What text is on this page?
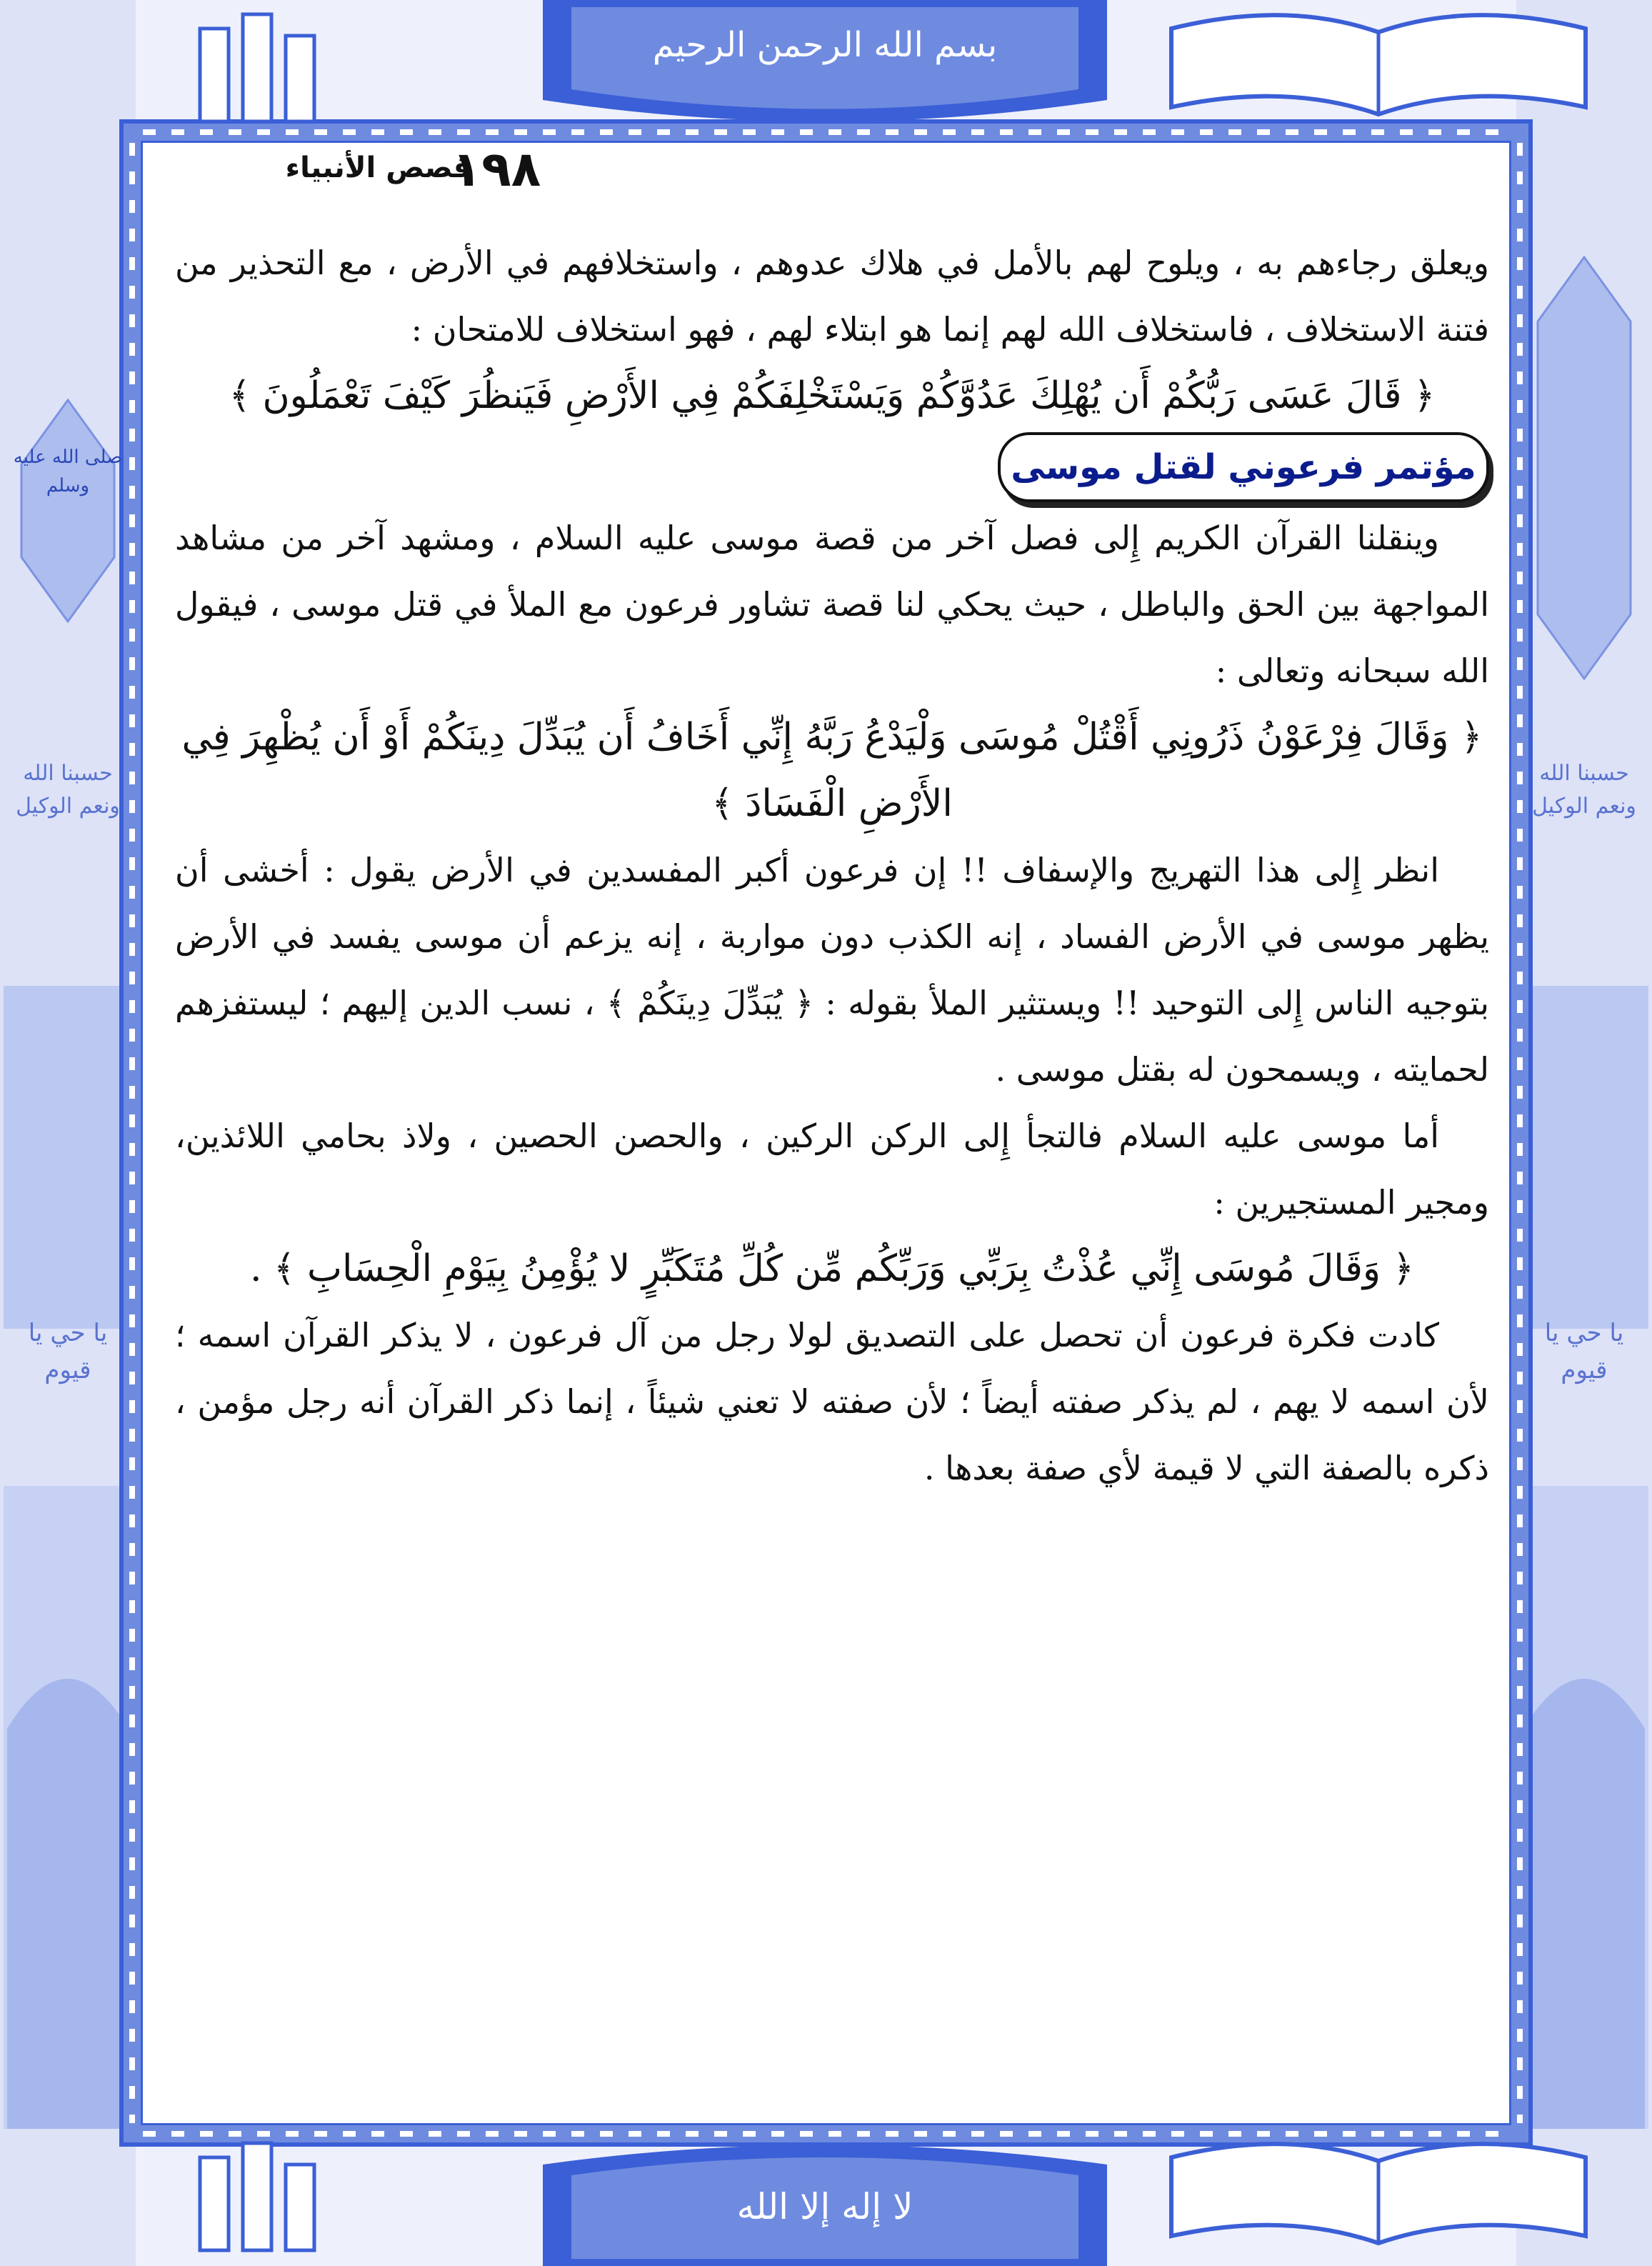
بسم الله الرحمن الرحيم
لا إله إلا الله
صلى الله عليه وسلم
حسبنا الله ونعم الوكيل
يا حي يا قيوم
حسبنا الله ونعم الوكيل
يا حي يا قيوم
١٩٨
قصص الأنبياء

ويعلق رجاءهم به ، ويلوح لهم بالأمل في هلاك عدوهم ، واستخلافهم في الأرض ، مع التحذير من فتنة الاستخلاف ، فاستخلاف الله لهم إنما هو ابتلاء لهم ، فهو استخلاف للامتحان :

﴿ قَالَ عَسَى رَبُّكُمْ أَن يُهْلِكَ عَدُوَّكُمْ وَيَسْتَخْلِفَكُمْ فِي الأَرْضِ فَيَنظُرَ كَيْفَ تَعْمَلُونَ ﴾

مؤتمر فرعوني لقتل موسى

وينقلنا القرآن الكريم إِلى فصل آخر من قصة موسى عليه السلام ، ومشهد آخر من مشاهد المواجهة بين الحق والباطل ، حيث يحكي لنا قصة تشاور فرعون مع الملأ في قتل موسى ، فيقول الله سبحانه وتعالى :

﴿ وَقَالَ فِرْعَوْنُ ذَرُونِي أَقْتُلْ مُوسَى وَلْيَدْعُ رَبَّهُ إِنِّي أَخَافُ أَن يُبَدِّلَ دِينَكُمْ أَوْ أَن يُظْهِرَ فِي الأَرْضِ الْفَسَادَ ﴾

انظر إِلى هذا التهريج والإسفاف !! إن فرعون أكبر المفسدين في الأرض يقول : أخشى أن يظهر موسى في الأرض الفساد ، إنه الكذب دون مواربة ، إنه يزعم أن موسى يفسد في الأرض بتوجيه الناس إِلى التوحيد !! ويستثير الملأ بقوله : ﴿ يُبَدِّلَ دِينَكُمْ ﴾ ، نسب الدين إليهم ؛ ليستفزهم لحمايته ، ويسمحون له بقتل موسى .

أما موسى عليه السلام فالتجأ إِلى الركن الركين ، والحصن الحصين ، ولاذ بحامي اللائذين، ومجير المستجيرين :

﴿ وَقَالَ مُوسَى إِنِّي عُذْتُ بِرَبِّي وَرَبِّكُم مِّن كُلِّ مُتَكَبِّرٍ لا يُؤْمِنُ بِيَوْمِ الْحِسَابِ ﴾ .

كادت فكرة فرعون أن تحصل على التصديق لولا رجل من آل فرعون ، لا يذكر القرآن اسمه ؛ لأن اسمه لا يهم ، لم يذكر صفته أيضاً ؛ لأن صفته لا تعني شيئاً ، إنما ذكر القرآن أنه رجل مؤمن ، ذكره بالصفة التي لا قيمة لأي صفة بعدها .
